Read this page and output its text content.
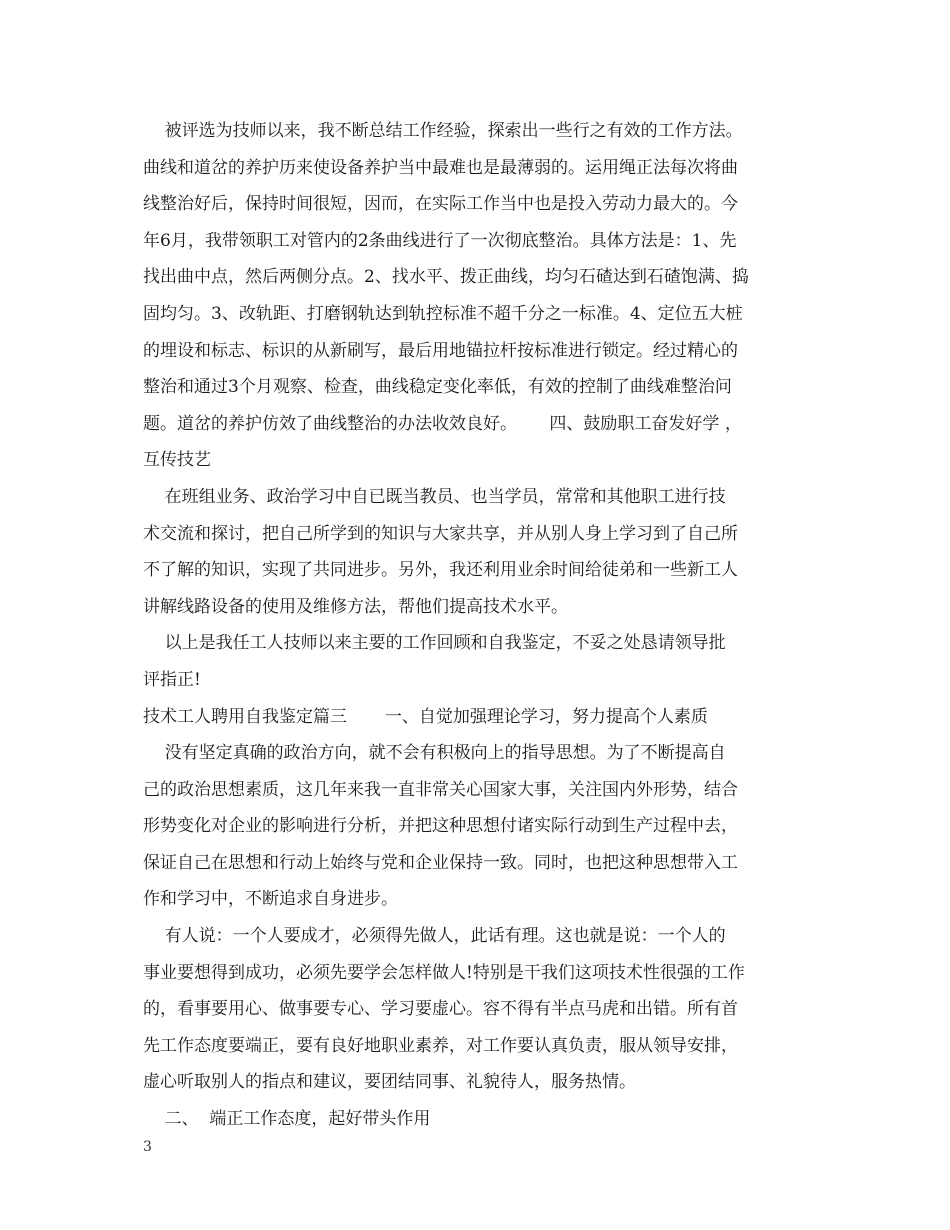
被评选为技师以来，我不断总结工作经验，探索出一些行之有效的工作方法。
曲线和道岔的养护历来使设备养护当中最难也是最薄弱的。运用绳正法每次将曲
线整治好后，保持时间很短，因而，在实际工作当中也是投入劳动力最大的。今
年6月，我带领职工对管内的2条曲线进行了一次彻底整治。具体方法是：1、先
找出曲中点，然后两侧分点。2、找水平、拨正曲线，均匀石碴达到石碴饱满、捣
固均匀。3、改轨距、打磨钢轨达到轨控标准不超千分之一标准。4、定位五大桩
的埋设和标志、标识的从新刷写，最后用地锚拉杆按标准进行锁定。经过精心的
整治和通过3个月观察、检查，曲线稳定变化率低，有效的控制了曲线难整治问
题。道岔的养护仿效了曲线整治的办法收效良好。      四、鼓励职工奋发好学 ，
互传技艺
在班组业务、政治学习中自已既当教员、也当学员，常常和其他职工进行技
术交流和探讨，把自己所学到的知识与大家共享，并从别人身上学习到了自己所
不了解的知识，实现了共同进步。另外，我还利用业余时间给徒弟和一些新工人
讲解线路设备的使用及维修方法，帮他们提高技术水平。
以上是我任工人技师以来主要的工作回顾和自我鉴定，不妥之处恳请领导批
评指正!
技术工人聘用自我鉴定篇三       一、自觉加强理论学习，努力提高个人素质
没有坚定真确的政治方向，就不会有积极向上的指导思想。为了不断提高自
己的政治思想素质，这几年来我一直非常关心国家大事，关注国内外形势，结合
形势变化对企业的影响进行分析，并把这种思想付诸实际行动到生产过程中去，
保证自己在思想和行动上始终与党和企业保持一致。同时，也把这种思想带入工
作和学习中，不断追求自身进步。
有人说：一个人要成才，必须得先做人，此话有理。这也就是说：一个人的
事业要想得到成功，必须先要学会怎样做人!特别是干我们这项技术性很强的工作
的，看事要用心、做事要专心、学习要虚心。容不得有半点马虎和出错。所有首
先工作态度要端正，要有良好地职业素养，对工作要认真负责，服从领导安排，
虚心听取别人的指点和建议，要团结同事、礼貌待人，服务热情。
二、  端正工作态度，起好带头作用
3
